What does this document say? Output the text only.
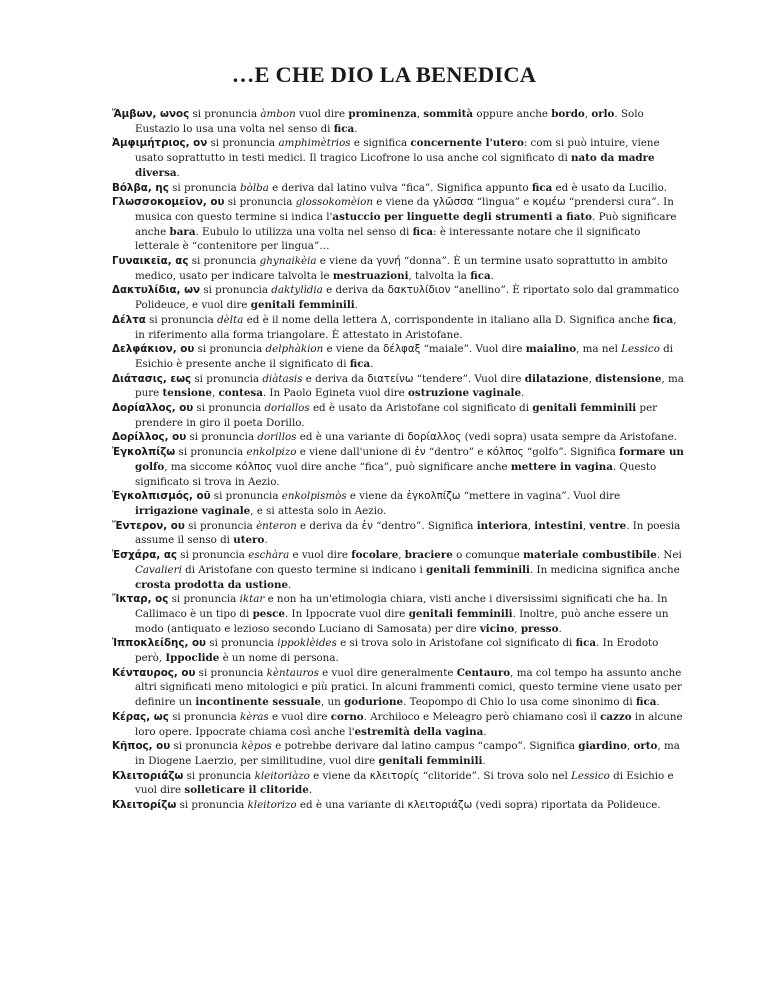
…E CHE DIO LA BENEDICA

Ἄμβων, ωνος si pronuncia àmbon vuol dire prominenza, sommità oppure anche bordo, orlo. Solo Eustazio lo usa una volta nel senso di fica.

Ἀμφιμήτριος, ον si pronuncia amphimètrios e significa concernente l'utero: com si può intuire, viene usato soprattutto in testi medici. Il tragico Licofrone lo usa anche col significato di nato da madre diversa.

Βόλβα, ης si pronuncia bòlba e deriva dal latino vulva “fica”. Significa appunto fica ed è usato da Lucilio.

Γλωσσοκομεῖον, ου si pronuncia glossokomèion e viene da γλῶσσα “lingua” e κομέω “prendersi cura”. In musica con questo termine si indica l'astuccio per linguette degli strumenti a fiato. Può significare anche bara. Eubulo lo utilizza una volta nel senso di fica: è interessante notare che il significato letterale è “contenitore per lingua”…

Γυναικεῖα, ας si pronuncia ghynaikèia e viene da γυνή “donna”. È un termine usato soprattutto in ambito medico, usato per indicare talvolta le mestruazioni, talvolta la fica.

Δακτυλίδια, ων si pronuncia daktylìdia e deriva da δακτυλίδιον “anellino”. È riportato solo dal grammatico Polideuce, e vuol dire genitali femminili.

Δέλτα si pronuncia dèlta ed è il nome della lettera Δ, corrispondente in italiano alla D. Significa anche fica, in riferimento alla forma triangolare. È attestato in Aristofane.

Δελφάκιον, ου si pronuncia delphàkion e viene da δέλφαξ “maiale”. Vuol dire maialino, ma nel Lessico di Esichio è presente anche il significato di fica.

Διάτασις, εως si pronuncia diàtasis e deriva da διατείνω “tendere”. Vuol dire dilatazione, distensione, ma pure tensione, contesa. In Paolo Egineta vuol dire ostruzione vaginale.

Δορίαλλος, ου si pronuncia doriallos ed è usato da Aristofane col significato di genitali femminili per prendere in giro il poeta Dorillo.

Δορίλλος, ου si pronuncia dorillos ed è una variante di δορίαλλος (vedi sopra) usata sempre da Aristofane.

Ἐγκολπίζω si pronuncia enkolpizo e viene dall'unione di ἐν “dentro” e κόλπος “golfo”. Significa formare un golfo, ma siccome κόλπος vuol dire anche “fica”, può significare anche mettere in vagina. Questo significato si trova in Aezio.

Ἐγκολπισμός, οῦ si pronuncia enkolpismòs e viene da ἐγκολπίζω “mettere in vagina”. Vuol dire irrigazione vaginale, e si attesta solo in Aezio.

Ἔντερον, ου si pronuncia ènteron e deriva da ἐν “dentro”. Significa interiora, intestini, ventre. In poesia assume il senso di utero.

Ἐσχάρα, ας si pronuncia eschàra e vuol dire focolare, braciere o comunque materiale combustibile. Nei Cavalieri di Aristofane con questo termine si indicano i genitali femminili. In medicina significa anche crosta prodotta da ustione.

Ἴκταρ, ος si pronuncia iktar e non ha un'etimologia chiara, visti anche i diversissimi significati che ha. In Callimaco è un tipo di pesce. In Ippocrate vuol dire genitali femminili. Inoltre, può anche essere un modo (antiquato e lezioso secondo Luciano di Samosata) per dire vicino, presso.

Ἱπποκλείδης, ου si pronuncia ippoklèides e si trova solo in Aristofane col significato di fica. In Erodoto però, Ippoclide è un nome di persona.

Κένταυρος, ου si pronuncia kèntauros e vuol dire generalmente Centauro, ma col tempo ha assunto anche altri significati meno mitologici e più pratici. In alcuni frammenti comici, questo termine viene usato per definire un incontinente sessuale, un godurione. Teopompo di Chio lo usa come sinonimo di fica.

Κέρας, ως si pronuncia kèras e vuol dire corno. Archiloco e Meleagro però chiamano così il cazzo in alcune loro opere. Ippocrate chiama così anche l'estremità della vagina.

Κῆπος, ου si pronuncia kèpos e potrebbe derivare dal latino campus “campo”. Significa giardino, orto, ma in Diogene Laerzio, per similitudine, vuol dire genitali femminili.

Κλειτοριάζω si pronuncia kleitoriàzo e viene da κλειτορίς “clitoride”. Si trova solo nel Lessico di Esichio e vuol dire solleticare il clitoride.

Κλειτορίζω si pronuncia kleitorizo ed è una variante di κλειτοριάζω (vedi sopra) riportata da Polideuce.
